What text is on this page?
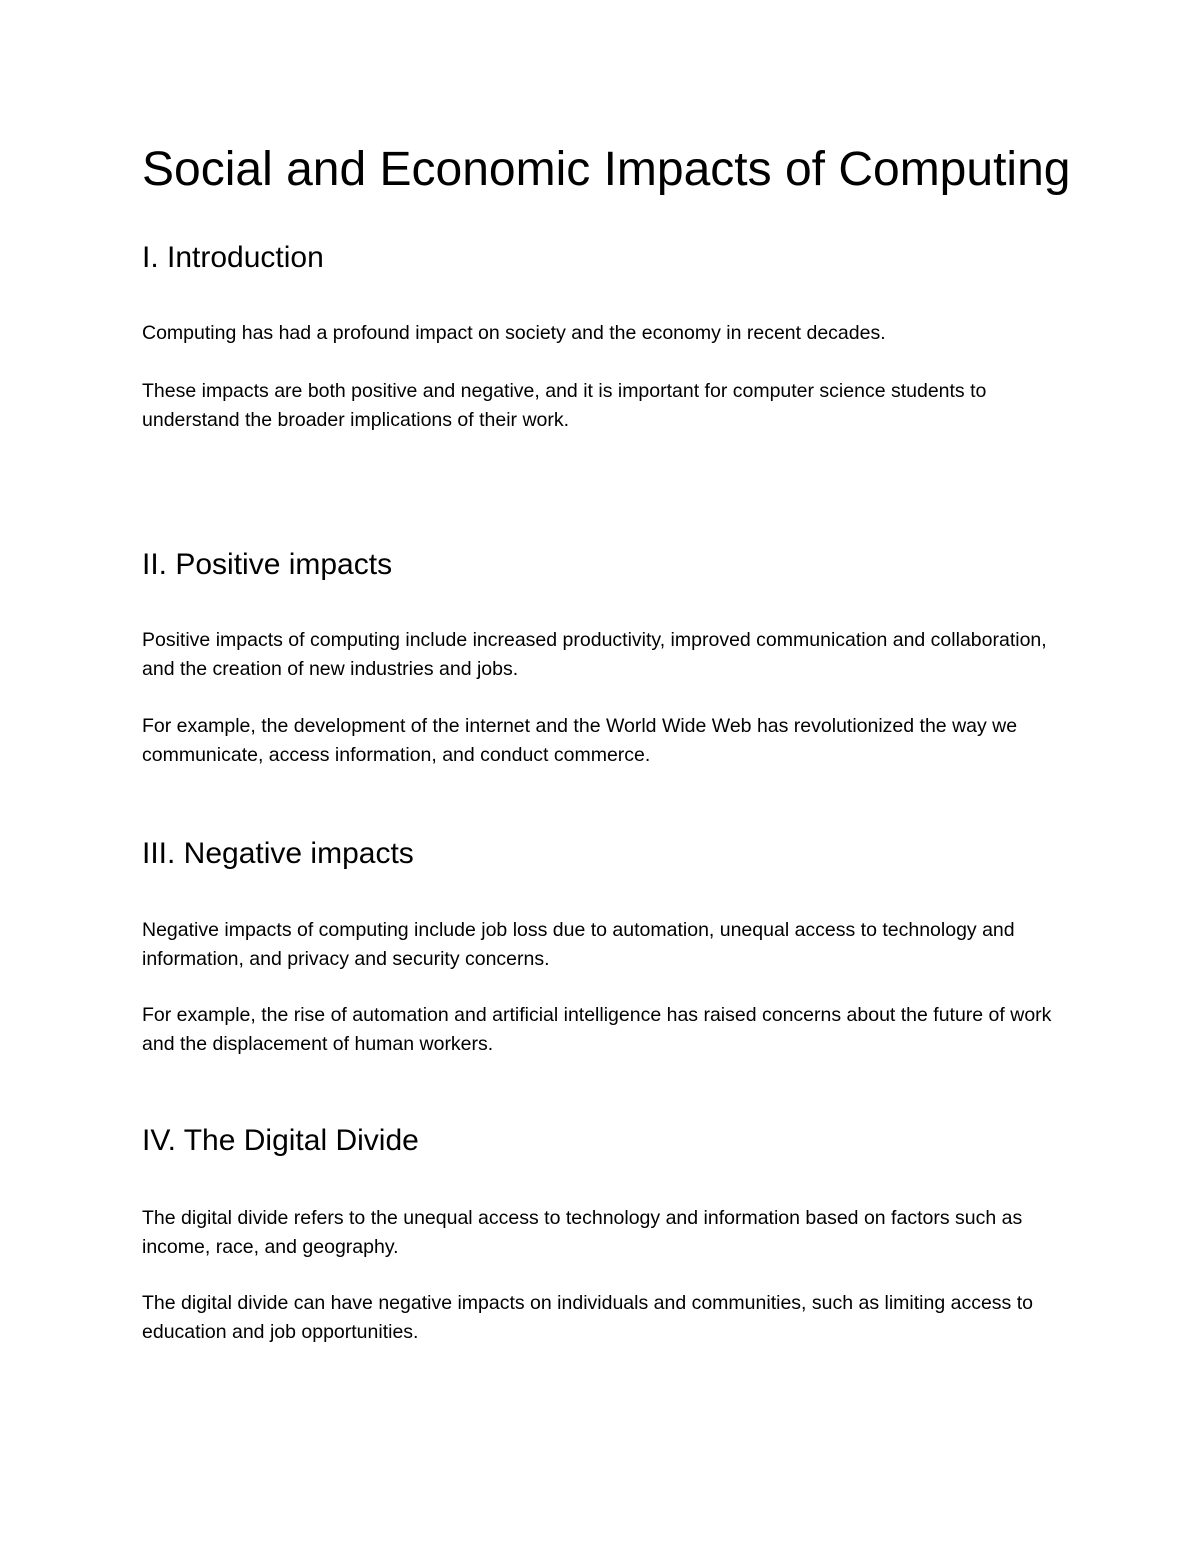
Social and Economic Impacts of Computing
I. Introduction

Computing has had a profound impact on society and the economy in recent decades.

These impacts are both positive and negative, and it is important for computer science students to understand the broader implications of their work.

II. Positive impacts

Positive impacts of computing include increased productivity, improved communication and collaboration, and the creation of new industries and jobs.

For example, the development of the internet and the World Wide Web has revolutionized the way we communicate, access information, and conduct commerce.

III. Negative impacts

Negative impacts of computing include job loss due to automation, unequal access to technology and information, and privacy and security concerns.

For example, the rise of automation and artificial intelligence has raised concerns about the future of work and the displacement of human workers.

IV. The Digital Divide

The digital divide refers to the unequal access to technology and information based on factors such as income, race, and geography.

The digital divide can have negative impacts on individuals and communities, such as limiting access to education and job opportunities.
